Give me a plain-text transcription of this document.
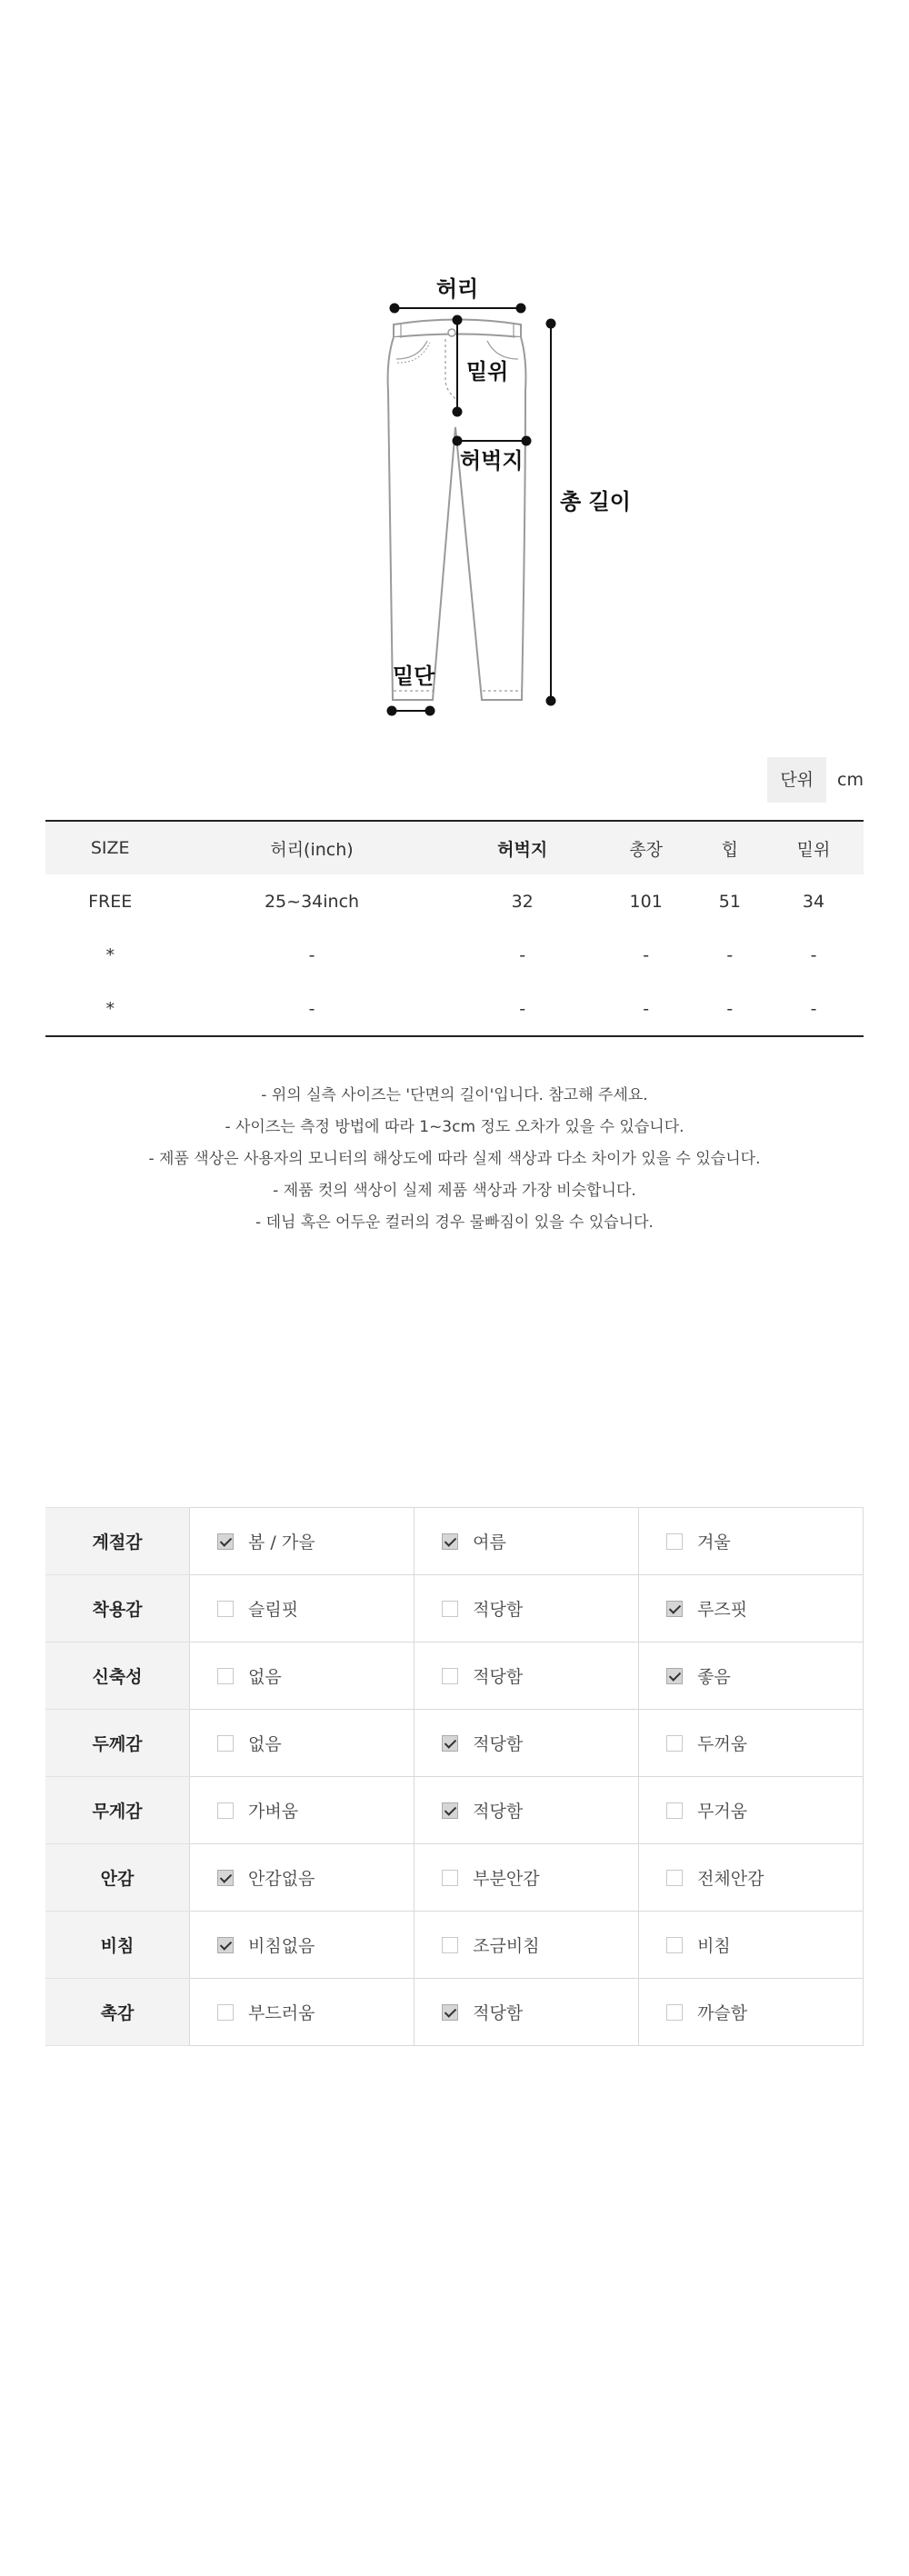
허리
밑위
허벅지
총 길이
밑단
단위	cm
SIZE	허리(inch)	허벅지	총장	힙	밑위
FREE	25~34inch	32	101	51	34
*	-	-	-	-	-
*	-	-	-	-	-
- 위의 실측 사이즈는 '단면의 길이'입니다. 참고해 주세요.
- 사이즈는 측정 방법에 따라 1~3cm 정도 오차가 있을 수 있습니다.
- 제품 색상은 사용자의 모니터의 해상도에 따라 실제 색상과 다소 차이가 있을 수 있습니다.
- 제품 컷의 색상이 실제 제품 색상과 가장 비슷합니다.
- 데님 혹은 어두운 컬러의 경우 물빠짐이 있을 수 있습니다.
계절감	봄 / 가을	여름	겨울

착용감	슬림핏	적당함	루즈핏

신축성	없음	적당함	좋음

두께감	없음	적당함	두꺼움

무게감	가벼움	적당함	무거움

안감	안감없음	부분안감	전체안감

비침	비침없음	조금비침	비침

촉감	부드러움	적당함	까슬함
